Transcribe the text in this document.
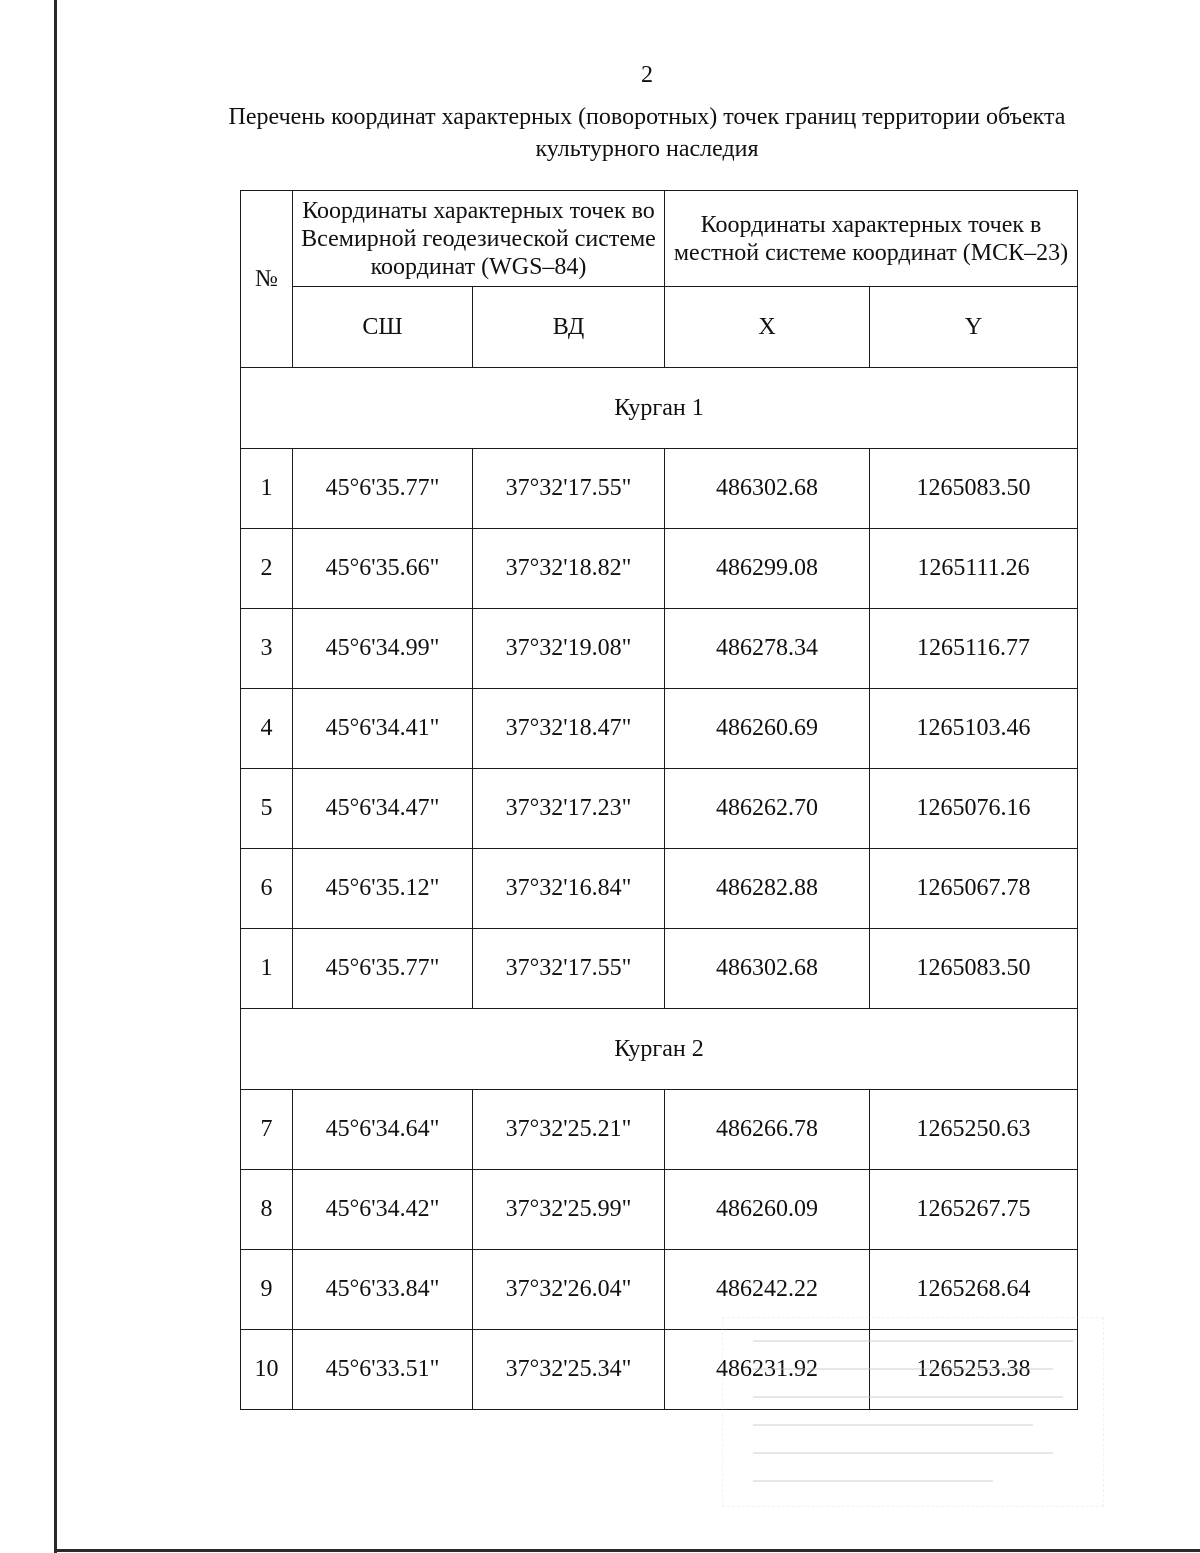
2
Перечень координат характерных (поворотных) точек границ территории объекта культурного наследия
№	Координаты характерных точек во Всемирной геодезической системе координат (WGS–84)		Координаты характерных точек в местной системе координат (МСК–23)	
	СШ	ВД	X	Y
Курган 1				
1	45°6'35.77"	37°32'17.55"	486302.68	1265083.50
2	45°6'35.66"	37°32'18.82"	486299.08	1265111.26
3	45°6'34.99"	37°32'19.08"	486278.34	1265116.77
4	45°6'34.41"	37°32'18.47"	486260.69	1265103.46
5	45°6'34.47"	37°32'17.23"	486262.70	1265076.16
6	45°6'35.12"	37°32'16.84"	486282.88	1265067.78
1	45°6'35.77"	37°32'17.55"	486302.68	1265083.50
Курган 2				
7	45°6'34.64"	37°32'25.21"	486266.78	1265250.63
8	45°6'34.42"	37°32'25.99"	486260.09	1265267.75
9	45°6'33.84"	37°32'26.04"	486242.22	1265268.64
10	45°6'33.51"	37°32'25.34"	486231.92	1265253.38
